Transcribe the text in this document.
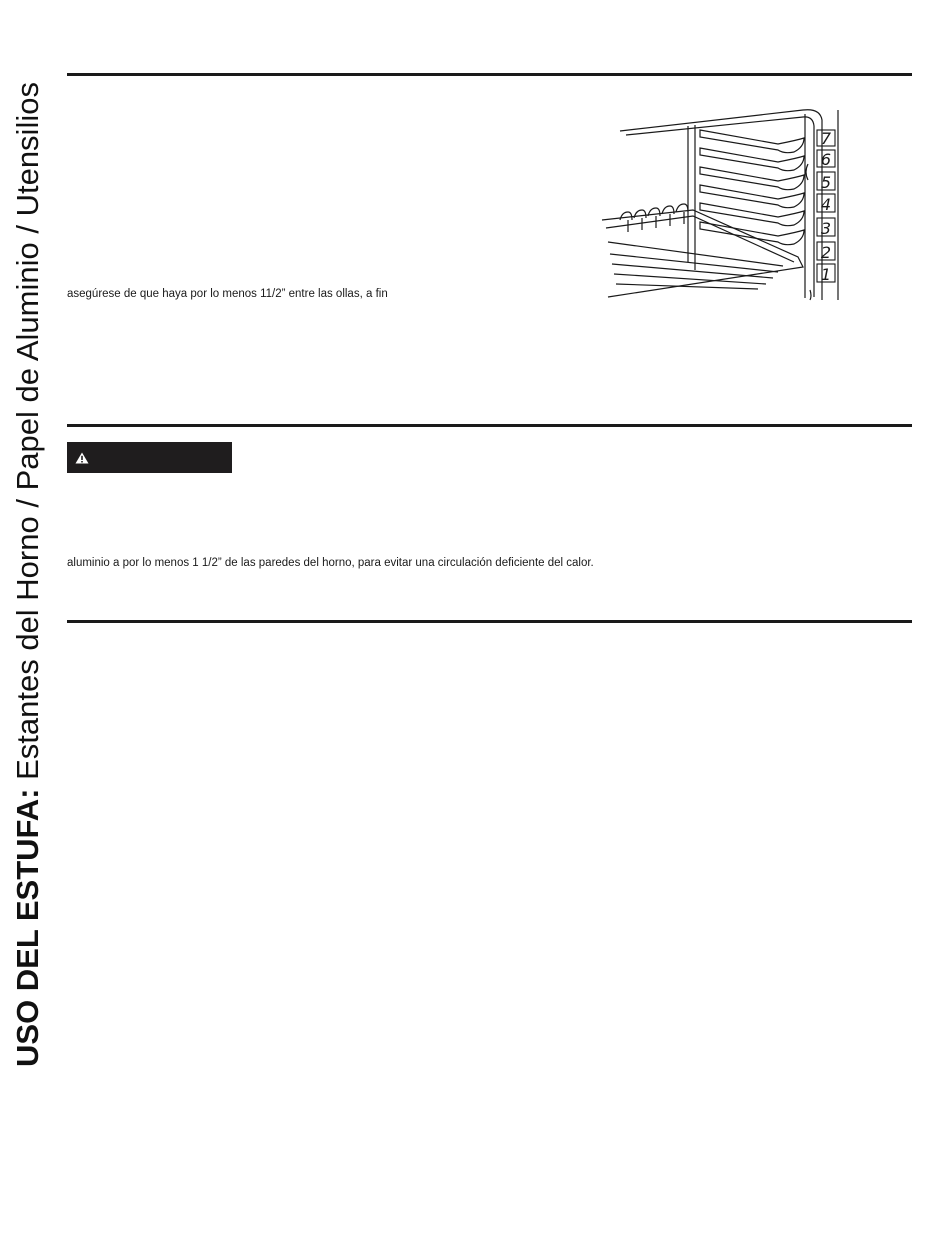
USO DEL ESTUFA: Estantes del Horno / Papel de Aluminio / Utensilios asegúrese de que haya por lo menos 11/2” entre las ollas, a fin
7
6
5
4
3
2
1
aluminio a por lo menos 1 1/2” de las paredes del horno, para evitar una circulación deficiente del calor.
